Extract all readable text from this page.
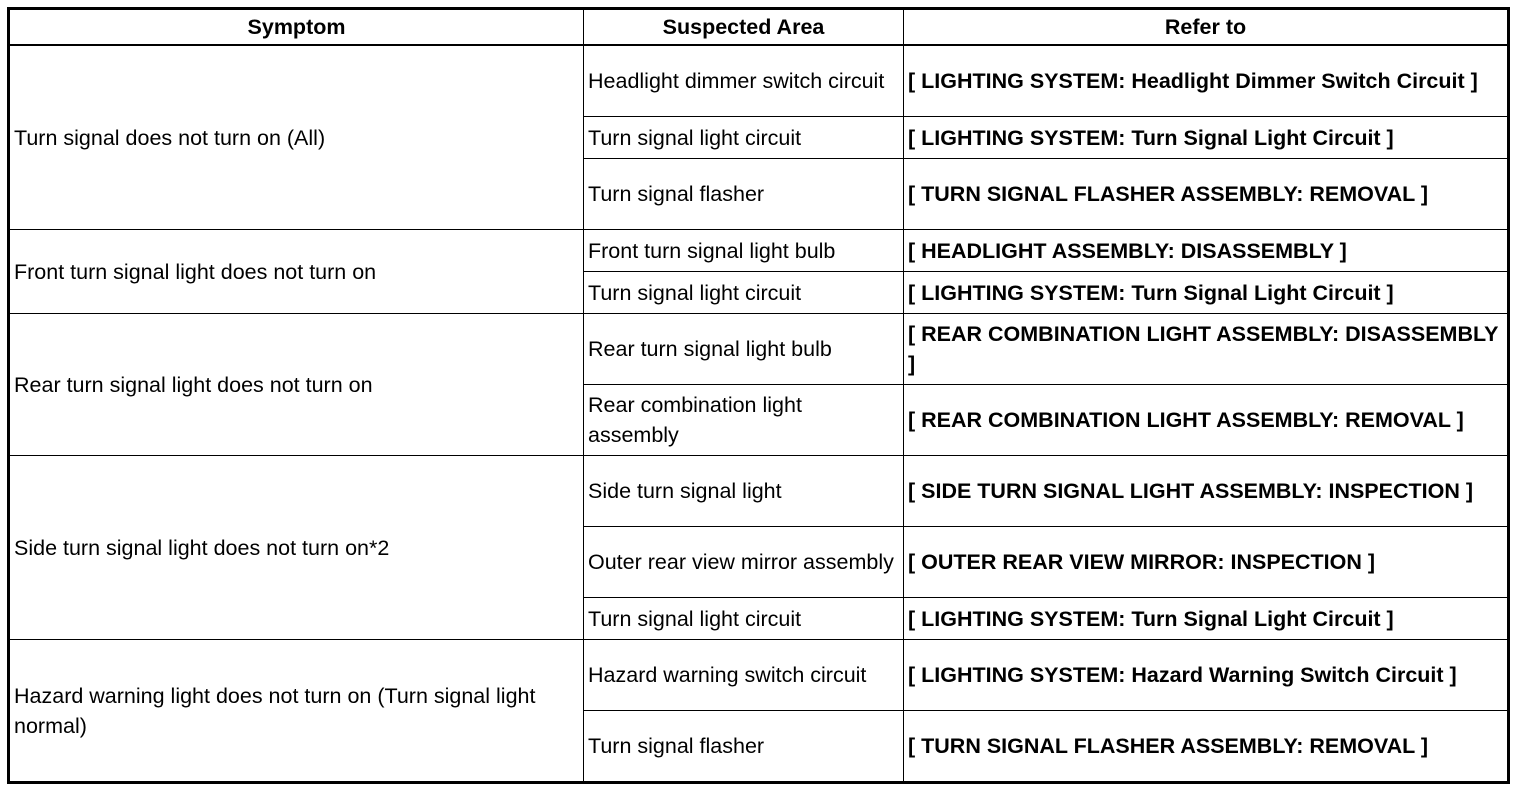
Symptom	Suspected Area	Refer to
Turn signal does not turn on (All)	Headlight dimmer switch circuit	[ LIGHTING SYSTEM: Headlight Dimmer Switch Circuit ]
	Turn signal light circuit	[ LIGHTING SYSTEM: Turn Signal Light Circuit ]
	Turn signal flasher	[ TURN SIGNAL FLASHER ASSEMBLY: REMOVAL ]
Front turn signal light does not turn on	Front turn signal light bulb	[ HEADLIGHT ASSEMBLY: DISASSEMBLY ]
	Turn signal light circuit	[ LIGHTING SYSTEM: Turn Signal Light Circuit ]
Rear turn signal light does not turn on	Rear turn signal light bulb	[ REAR COMBINATION LIGHT ASSEMBLY: DISASSEMBLY ]
	Rear combination light assembly	[ REAR COMBINATION LIGHT ASSEMBLY: REMOVAL ]
Side turn signal light does not turn on*2	Side turn signal light	[ SIDE TURN SIGNAL LIGHT ASSEMBLY: INSPECTION ]
	Outer rear view mirror assembly	[ OUTER REAR VIEW MIRROR: INSPECTION ]
	Turn signal light circuit	[ LIGHTING SYSTEM: Turn Signal Light Circuit ]
Hazard warning light does not turn on (Turn signal light normal)	Hazard warning switch circuit	[ LIGHTING SYSTEM: Hazard Warning Switch Circuit ]
	Turn signal flasher	[ TURN SIGNAL FLASHER ASSEMBLY: REMOVAL ]
